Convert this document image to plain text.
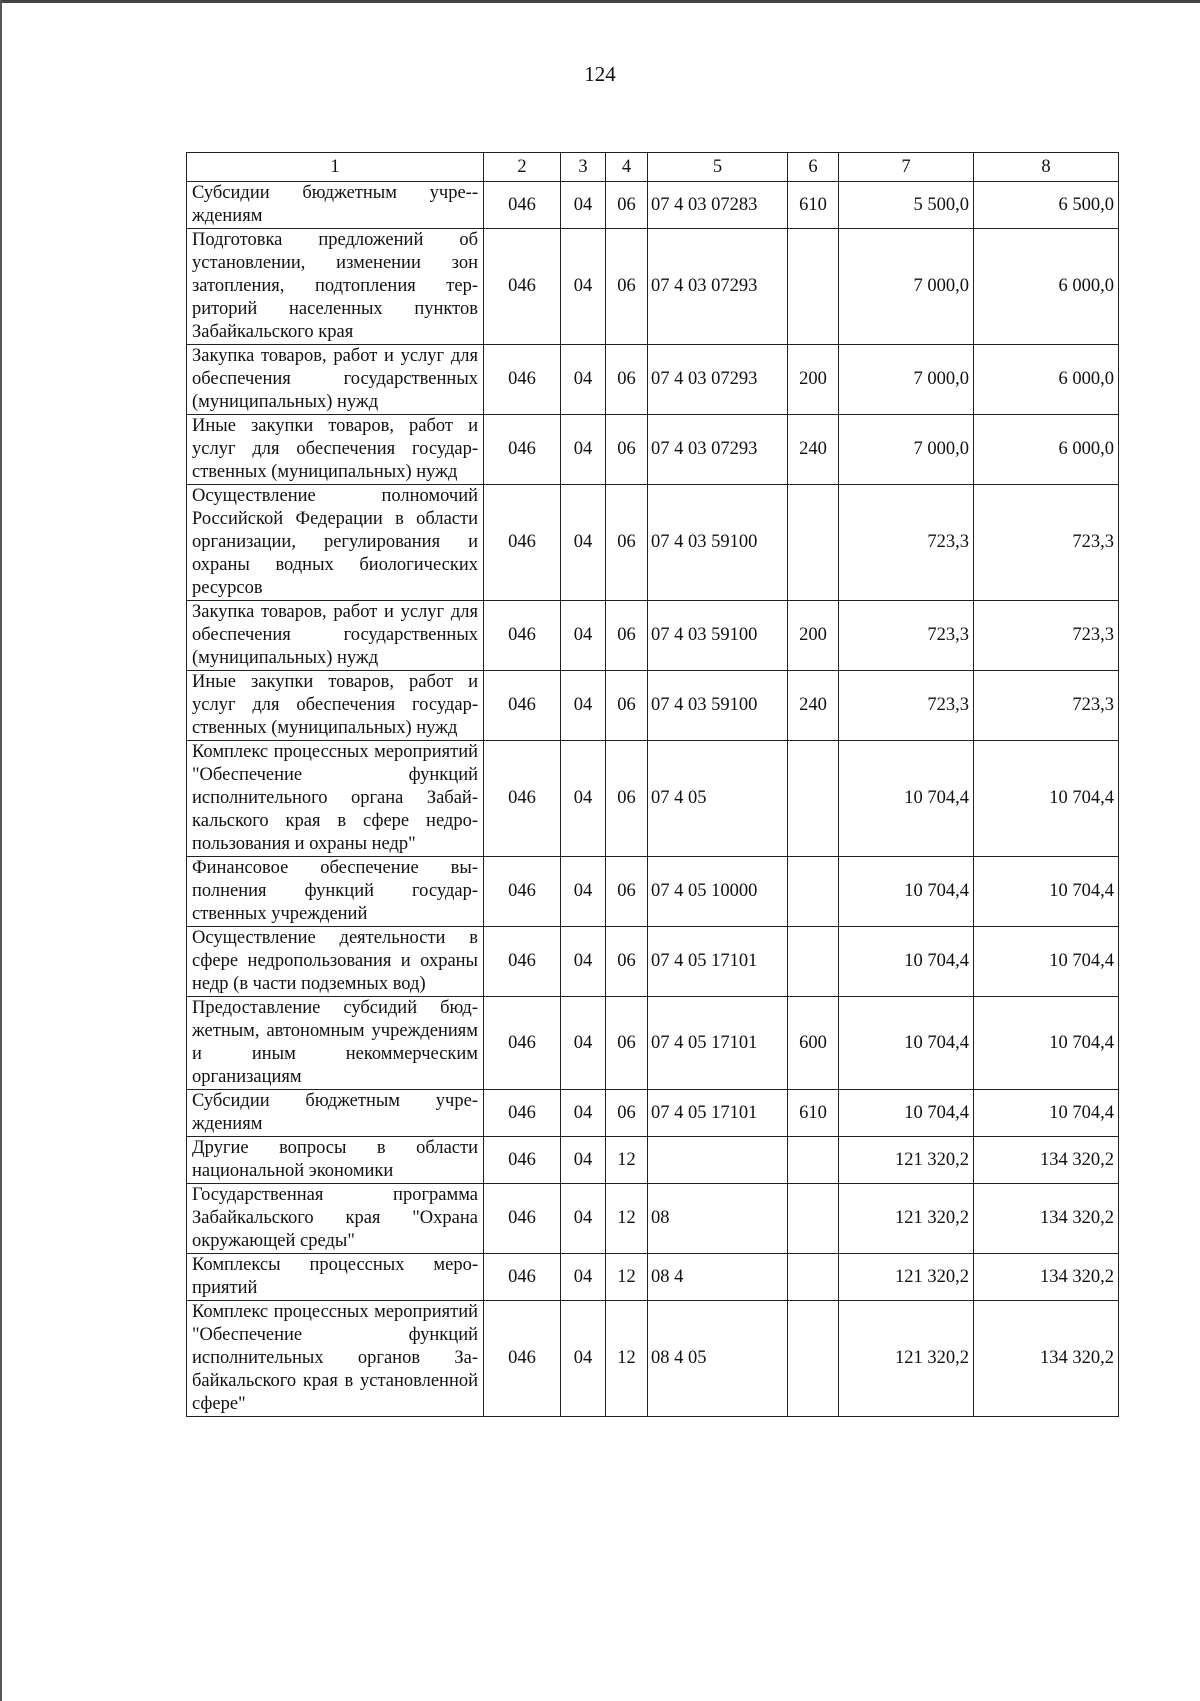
124
1	2	3	4	5	6	7	8
Субсидии бюджетным учре-ждениям	046	04	06	07 4 03 07283	610	5 500,0	6 500,0
Подготовка предложений об установлении, изменении зон затопления, подтопления территорий населенных пунктов Забайкальского края	046	04	06	07 4 03 07293		7 000,0	6 000,0
Закупка товаров, работ и услуг для обеспечения государственных (муниципальных) нужд	046	04	06	07 4 03 07293	200	7 000,0	6 000,0
Иные закупки товаров, работ и услуг для обеспечения государственных (муниципальных) нужд	046	04	06	07 4 03 07293	240	7 000,0	6 000,0
Осуществление полномочий Российской Федерации в области организации, регулирования и охраны водных биологических ресурсов	046	04	06	07 4 03 59100		723,3	723,3
Закупка товаров, работ и услуг для обеспечения государственных (муниципальных) нужд	046	04	06	07 4 03 59100	200	723,3	723,3
Иные закупки товаров, работ и услуг для обеспечения государственных (муниципальных) нужд	046	04	06	07 4 03 59100	240	723,3	723,3
Комплекс процессных мероприятий "Обеспечение функций исполнительного органа Забайкальского края в сфере недропользования и охраны недр"	046	04	06	07 4 05		10 704,4	10 704,4
Финансовое обеспечение выполнения функций государственных учреждений	046	04	06	07 4 05 10000		10 704,4	10 704,4
Осуществление деятельности в сфере недропользования и охраны недр (в части подземных вод)	046	04	06	07 4 05 17101		10 704,4	10 704,4
Предоставление субсидий бюджетным, автономным учреждениям и иным некоммерческим организациям	046	04	06	07 4 05 17101	600	10 704,4	10 704,4
Субсидии бюджетным учреждениям	046	04	06	07 4 05 17101	610	10 704,4	10 704,4
Другие вопросы в области национальной экономики	046	04	12			121 320,2	134 320,2
Государственная программа Забайкальского края "Охрана окружающей среды"	046	04	12	08		121 320,2	134 320,2
Комплексы процессных мероприятий	046	04	12	08 4		121 320,2	134 320,2
Комплекс процессных мероприятий "Обеспечение функций исполнительных органов Забайкальского края в установленной сфере"	046	04	12	08 4 05		121 320,2	134 320,2
